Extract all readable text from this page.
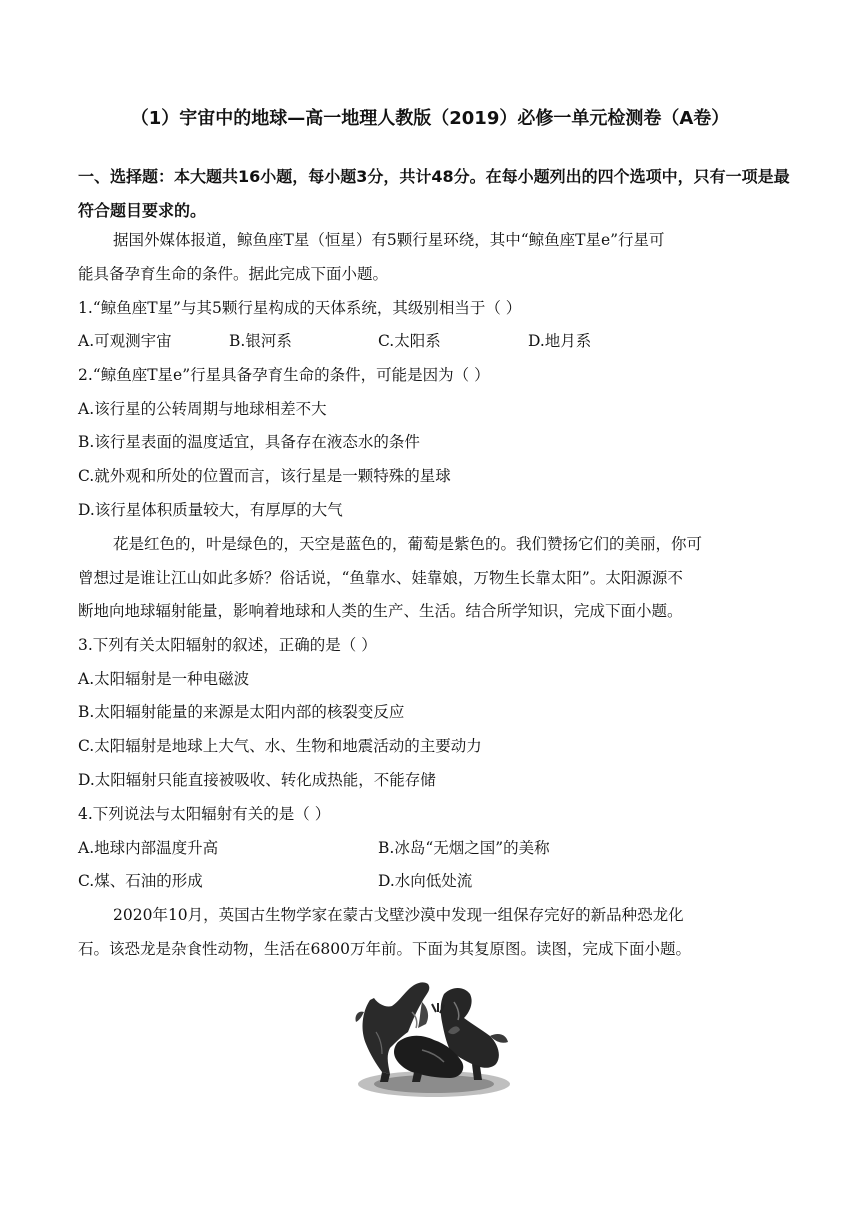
（1）宇宙中的地球—高一地理人教版（2019）必修一单元检测卷（A卷）
一、选择题：本大题共16小题，每小题3分，共计48分。在每小题列出的四个选项中，只有一项是最符合题目要求的。
据国外媒体报道，鲸鱼座T星（恒星）有5颗行星环绕，其中“鲸鱼座T星e”行星可
能具备孕育生命的条件。据此完成下面小题。
1.“鲸鱼座T星”与其5颗行星构成的天体系统，其级别相当于（ ）
A.可观测宇宙	B.银河系	C.太阳系	D.地月系
2.“鲸鱼座T星e”行星具备孕育生命的条件，可能是因为（ ）
A.该行星的公转周期与地球相差不大
B.该行星表面的温度适宜，具备存在液态水的条件
C.就外观和所处的位置而言，该行星是一颗特殊的星球
D.该行星体积质量较大，有厚厚的大气
花是红色的，叶是绿色的，天空是蓝色的，葡萄是紫色的。我们赞扬它们的美丽，你可
曾想过是谁让江山如此多娇？俗话说，“鱼靠水、娃靠娘，万物生长靠太阳”。太阳源源不
断地向地球辐射能量，影响着地球和人类的生产、生活。结合所学知识，完成下面小题。
3.下列有关太阳辐射的叙述，正确的是（ ）
A.太阳辐射是一种电磁波
B.太阳辐射能量的来源是太阳内部的核裂变反应
C.太阳辐射是地球上大气、水、生物和地震活动的主要动力
D.太阳辐射只能直接被吸收、转化成热能，不能存储
4.下列说法与太阳辐射有关的是（ ）
A.地球内部温度升高	B.冰岛“无烟之国”的美称
C.煤、石油的形成	D.水向低处流
2020年10月，英国古生物学家在蒙古戈壁沙漠中发现一组保存完好的新品种恐龙化
石。该恐龙是杂食性动物，生活在6800万年前。下面为其复原图。读图，完成下面小题。
